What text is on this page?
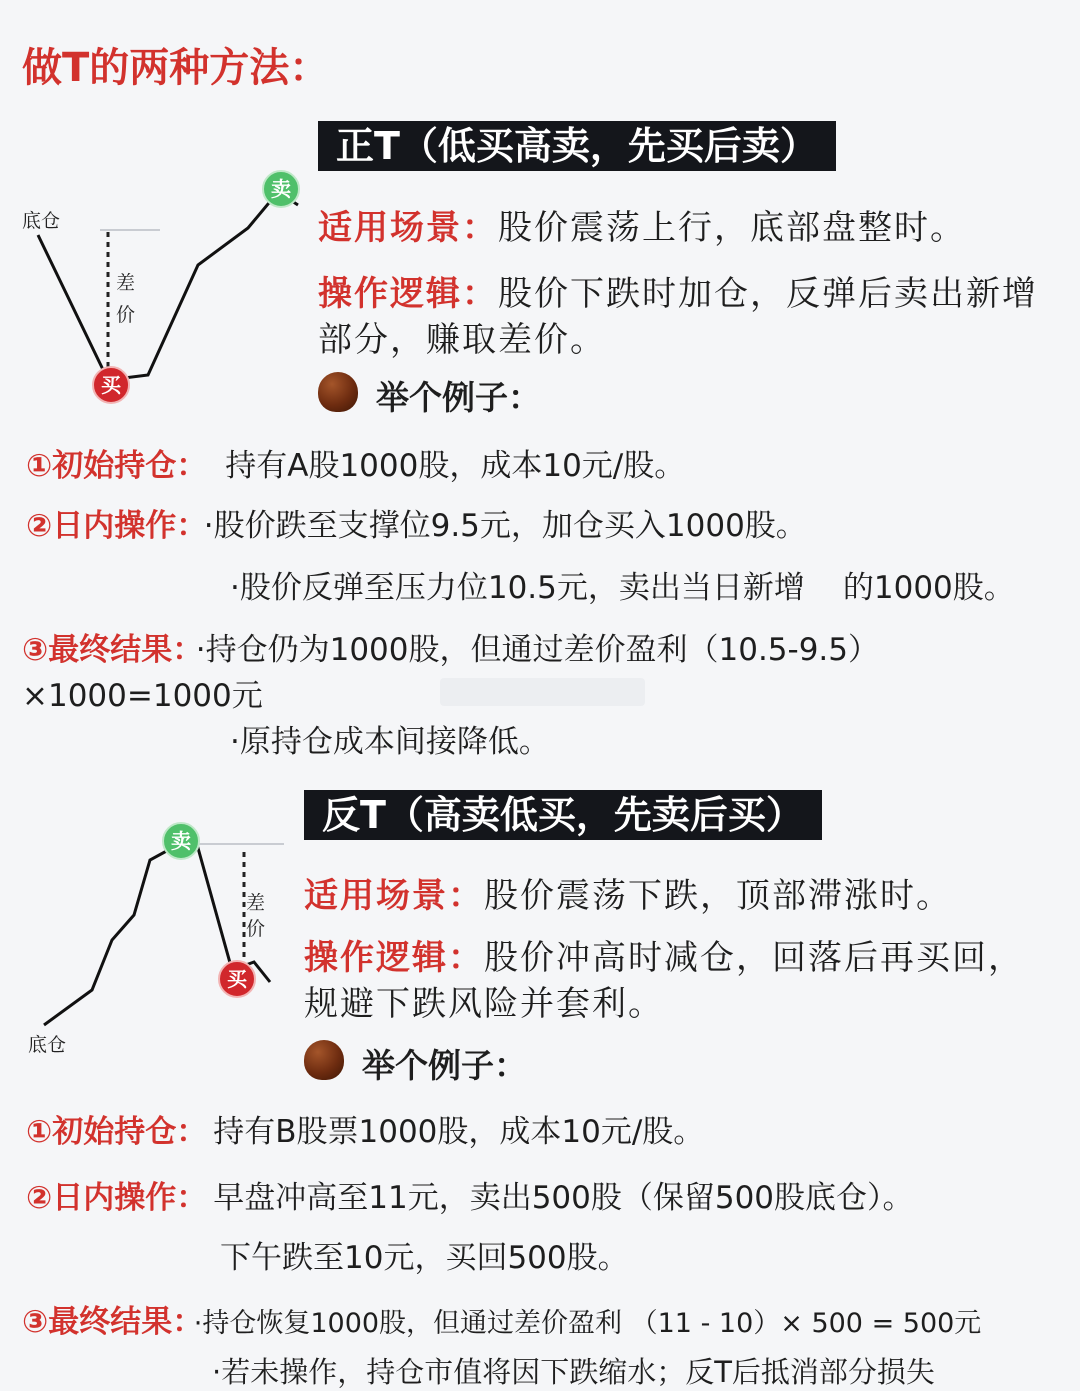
做T的两种方法：
正T（低买高卖，先买后卖）
底仓
差
价
买
卖
适用场景：股价震荡上行，底部盘整时。
操作逻辑：股价下跌时加仓，反弹后卖出新增
部分，赚取差价。
举个例子：
①初始持仓： 持有A股1000股，成本10元/股。
②日内操作： ·股价跌至支撑位9.5元，加仓买入1000股。
·股价反弹至压力位10.5元，卖出当日新增 的1000股。
③最终结果： ·持仓仍为1000股，但通过差价盈利（10.5-9.5）
×1000=1000元
·原持仓成本间接降低。
反T（高卖低买，先卖后买）
底仓
差
价
卖
买
适用场景：股价震荡下跌，顶部滞涨时。
操作逻辑：股价冲高时减仓，回落后再买回，
规避下跌风险并套利。
举个例子：
①初始持仓： 持有B股票1000股，成本10元/股。
②日内操作： 早盘冲高至11元，卖出500股（保留500股底仓）。
下午跌至10元，买回500股。
③最终结果： ·持仓恢复1000股，但通过差价盈利 （11 - 10）× 500 = 500元
·若未操作，持仓市值将因下跌缩水；反T后抵消部分损失
